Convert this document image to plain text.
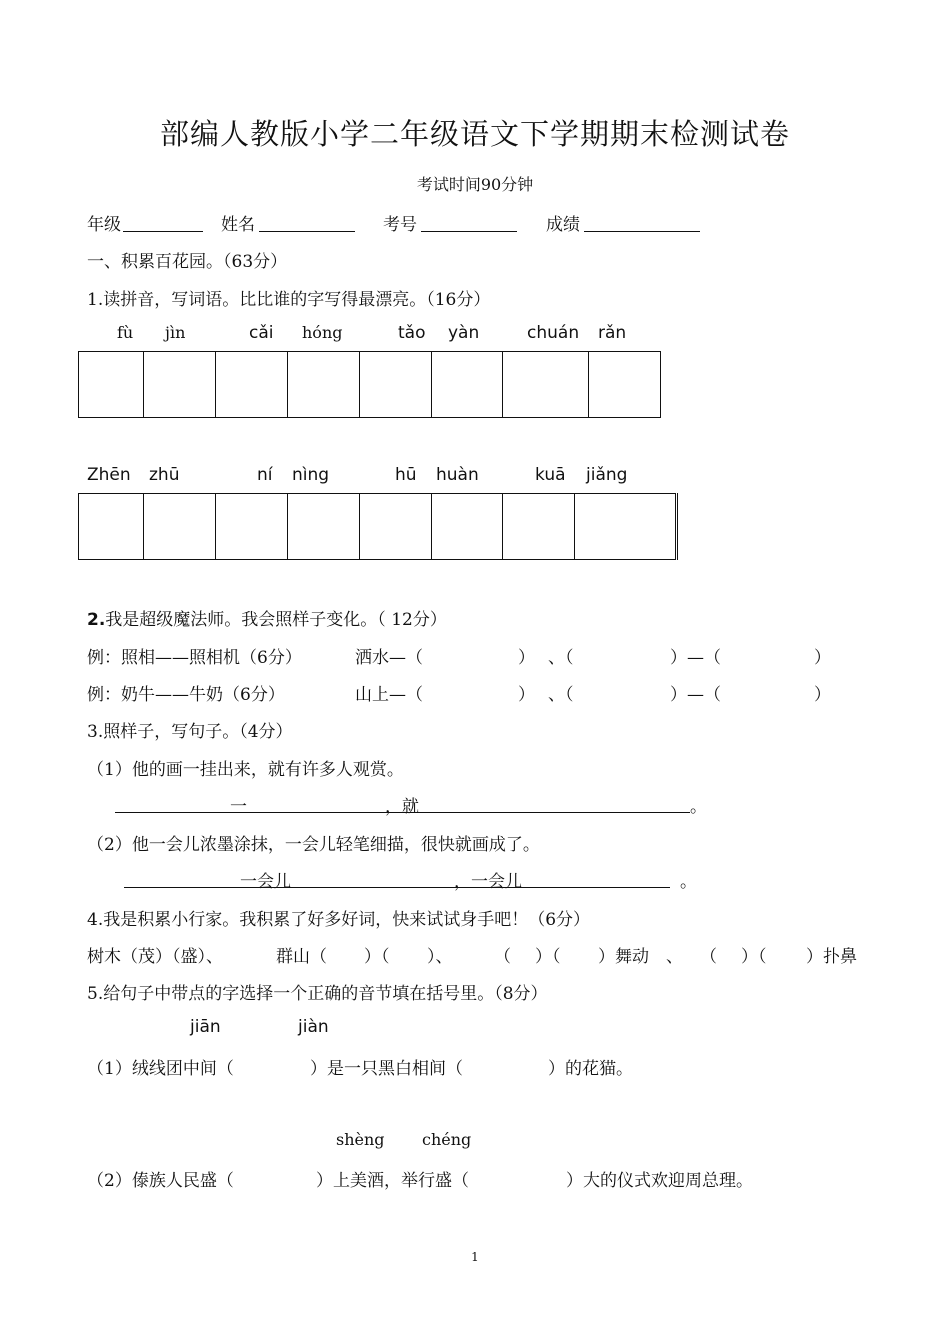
部编人教版小学二年级语文下学期期末检测试卷
考试时间90分钟
年级	姓名	考号	成绩
一、积累百花园。（63分）
1.读拼音，写词语。比比谁的字写得最漂亮。（16分）
fù jìn	cǎi hóng	tǎo yàn	chuán rǎn

Zhēn zhū	ní nìng	hū huàn	kuā jiǎng

2.我是超级魔法师。我会照样子变化。（ 12分）
例：照相——照相机（6分）	洒水—（	） 、（	）—（	）
例：奶牛——牛奶（6分）	山上—（	） 、（	）—（	）
3.照样子，写句子。（4分）
（1）他的画一挂出来，就有许多人观赏。
一	，就	。
（2）他一会儿浓墨涂抹，一会儿轻笔细描，很快就画成了。
一会儿	，一会儿	。
4.我是积累小行家。我积累了好多好词，快来试试身手吧！（6分）
树木（茂）（盛）、	群山（ ）（ ）、 （ ）（ ）舞动 、 （ ）（ ）扑鼻
5.给句子中带点的字选择一个正确的音节填在括号里。（8分）
jiān	jiàn
（1）绒线团中间（	）是一只黑白相间（	）的花猫。
shèng chéng
（2）傣族人民盛（	）上美酒，举行盛（	）大的仪式欢迎周总理。
1
